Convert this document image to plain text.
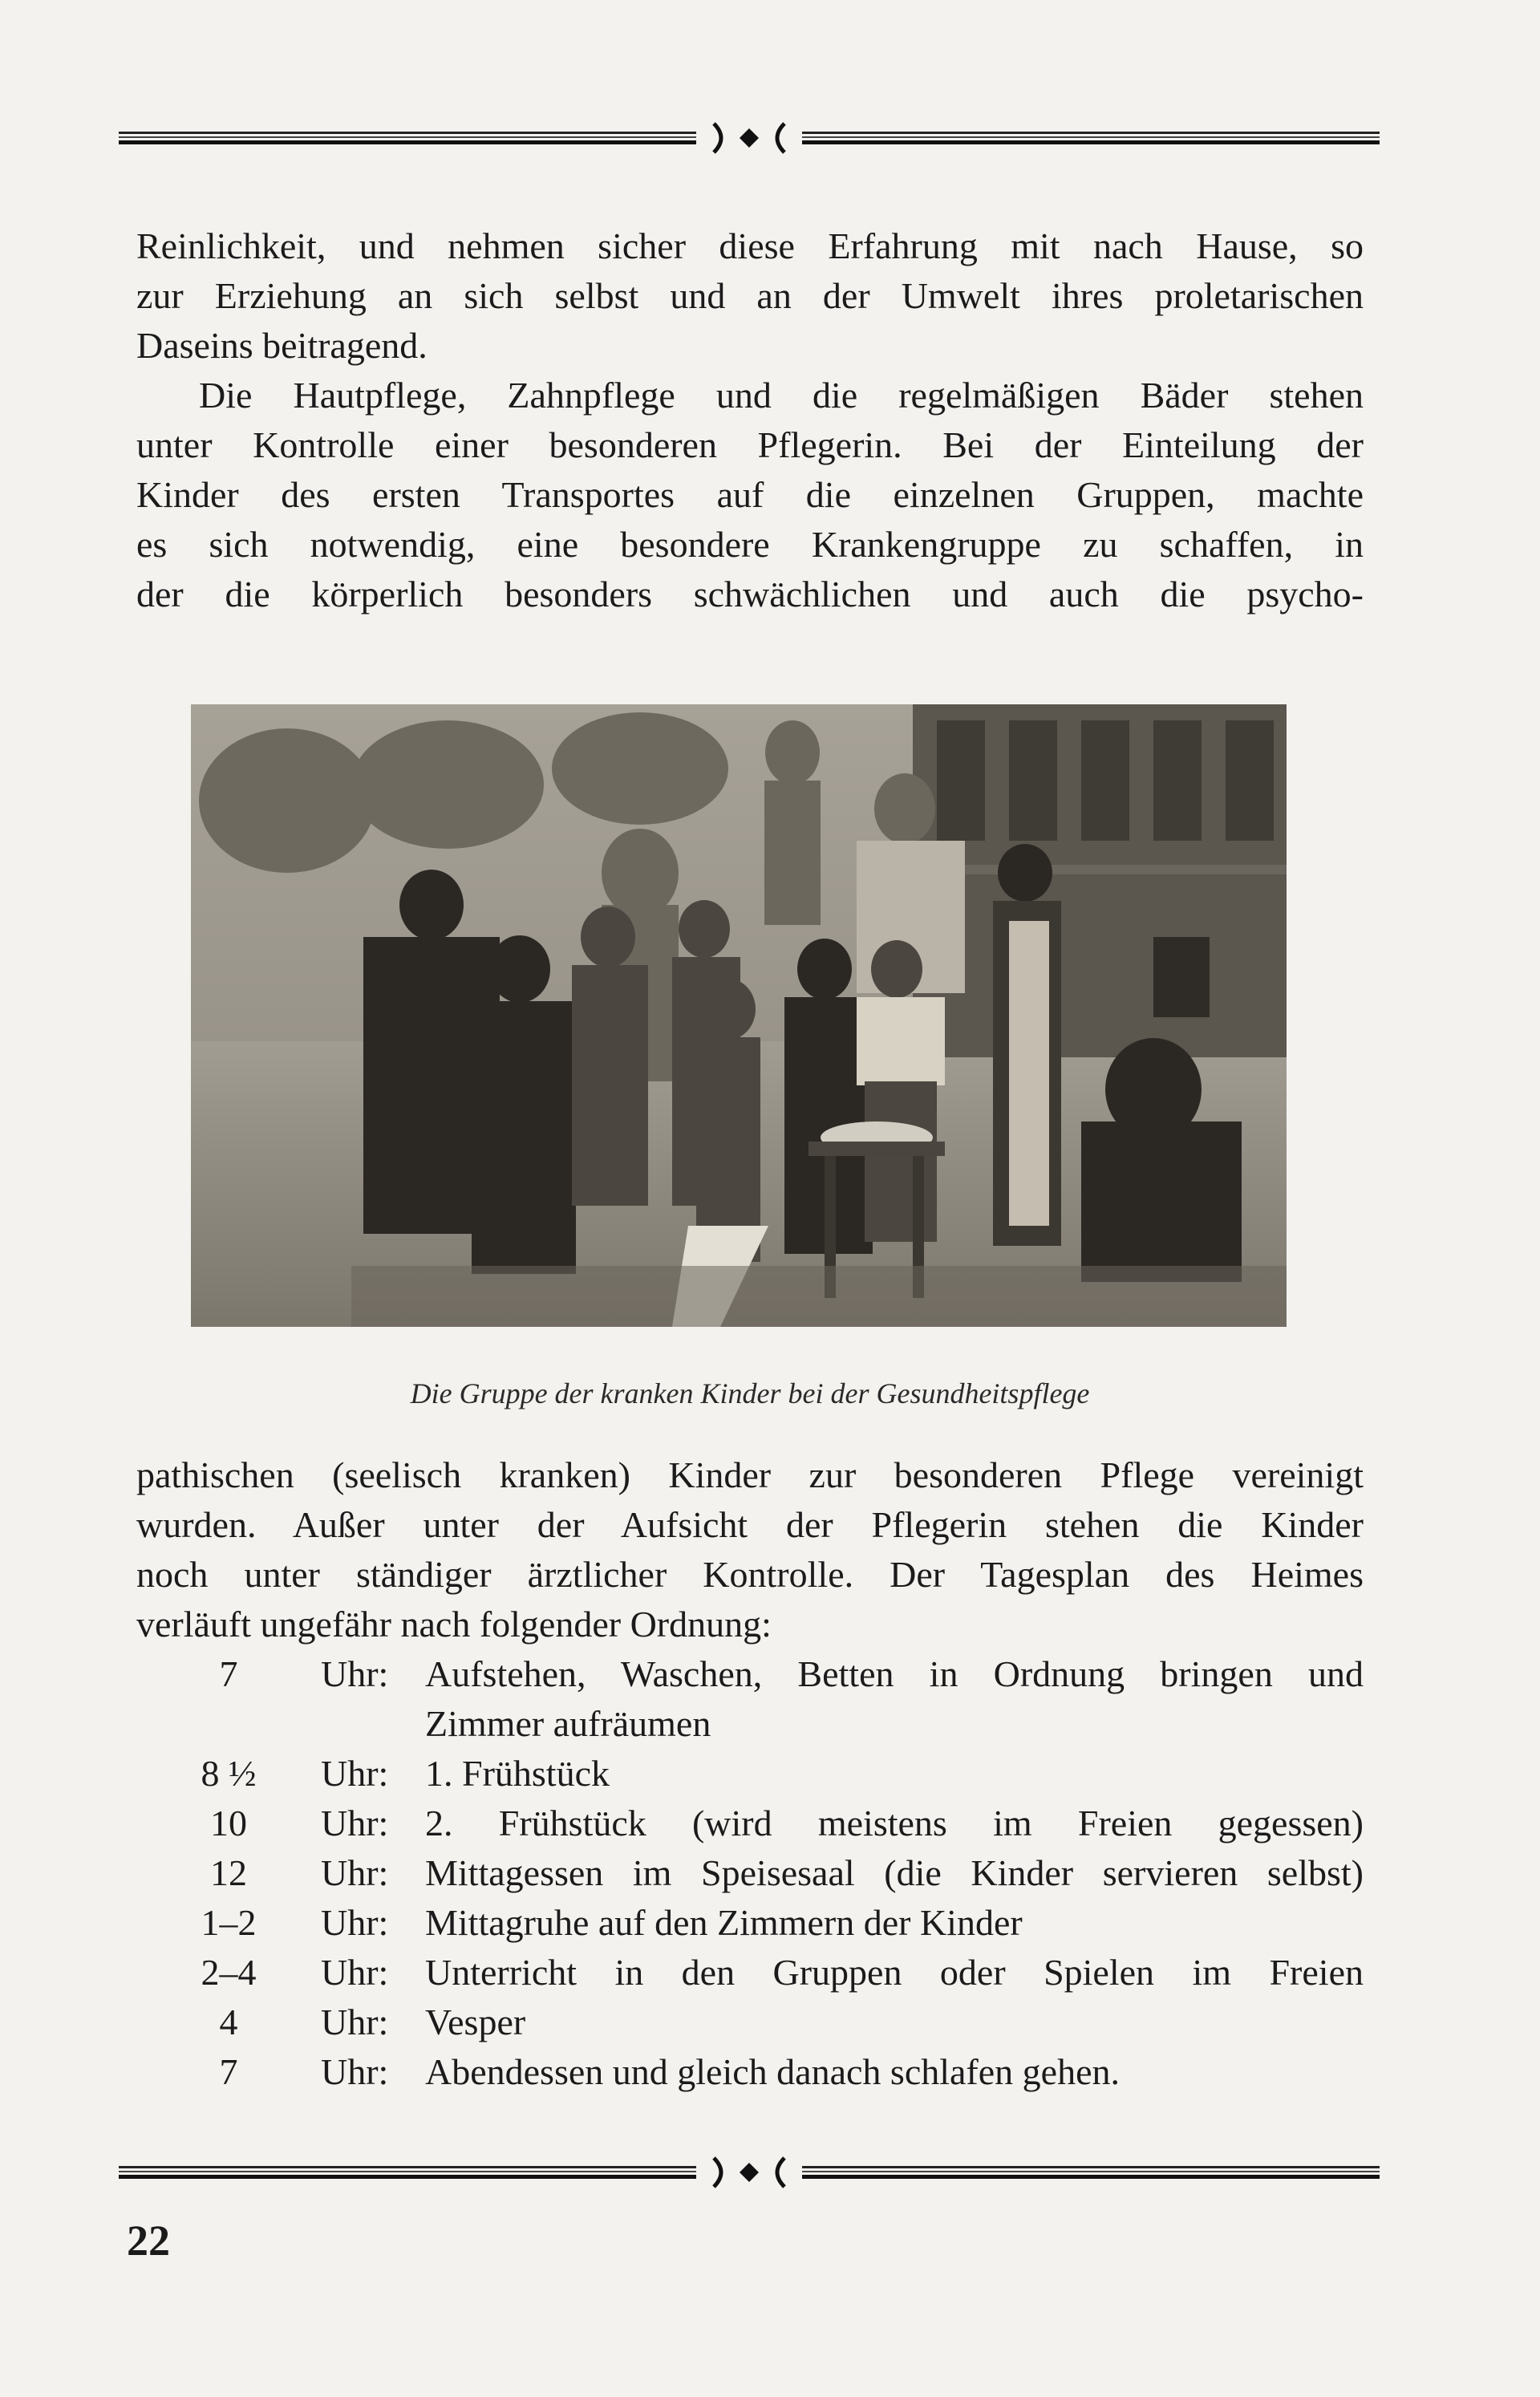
Reinlichkeit, und nehmen sicher diese Erfahrung mit nach Hause, so

zur Erziehung an sich selbst und an der Umwelt ihres proletarischen

Daseins beitragend.

Die Hautpflege, Zahnpflege und die regelmäßigen Bäder stehen

unter Kontrolle einer besonderen Pflegerin. Bei der Einteilung der

Kinder des ersten Transportes auf die einzelnen Gruppen, machte

es sich notwendig, eine besondere Krankengruppe zu schaffen, in

der die körperlich besonders schwächlichen und auch die psycho-

Die Gruppe der kranken Kinder bei der Gesundheitspflege

pathischen (seelisch kranken) Kinder zur besonderen Pflege vereinigt

wurden. Außer unter der Aufsicht der Pflegerin stehen die Kinder

noch unter ständiger ärztlicher Kontrolle. Der Tagesplan des Heimes

verläuft ungefähr nach folgender Ordnung:

7	Uhr: Aufstehen, Waschen, Betten in Ordnung bringen und
Zimmer aufräumen
8 ½	Uhr: 1. Frühstück
10	Uhr: 2. Frühstück (wird meistens im Freien gegessen)
12	Uhr: Mittagessen im Speisesaal (die Kinder servieren selbst)
1–2	Uhr: Mittagruhe auf den Zimmern der Kinder
2–4	Uhr: Unterricht in den Gruppen oder Spielen im Freien
4	Uhr: Vesper
7	Uhr: Abendessen und gleich danach schlafen gehen.
22
